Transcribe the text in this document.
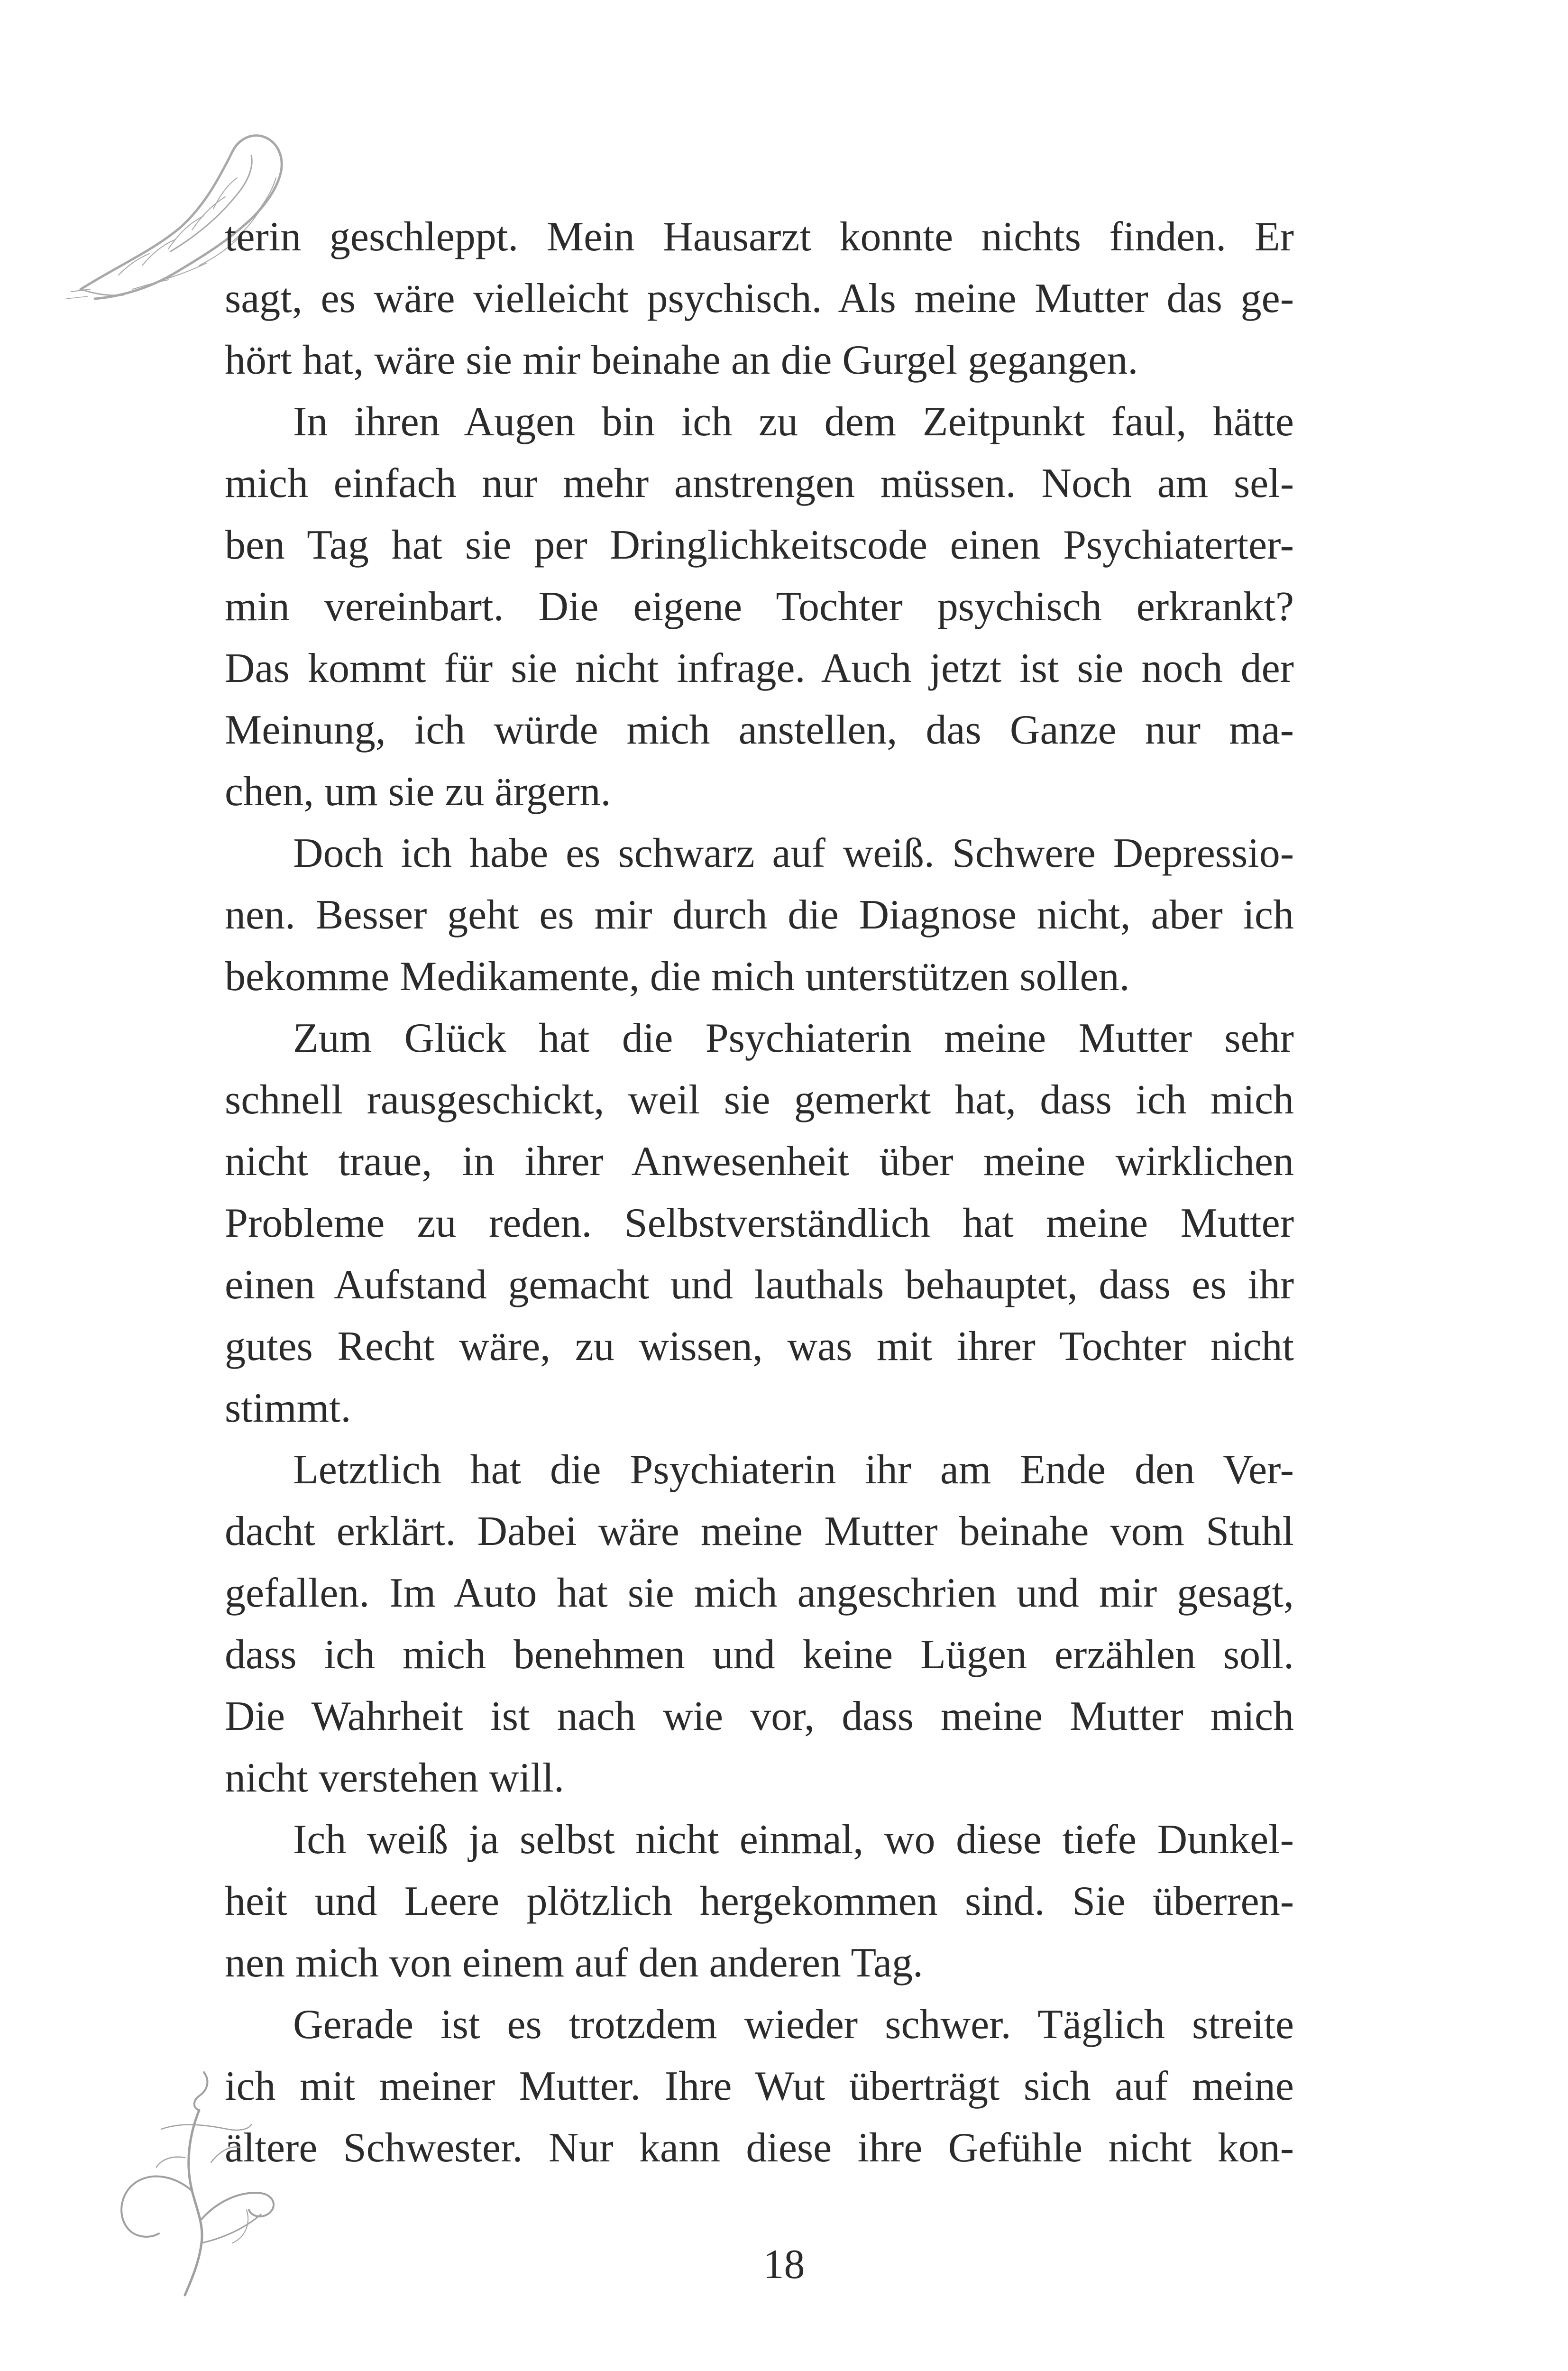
terin geschleppt. Mein Hausarzt konnte nichts finden. Er
sagt, es wäre vielleicht psychisch. Als meine Mutter das ge-
hört hat, wäre sie mir beinahe an die Gurgel gegangen.
In ihren Augen bin ich zu dem Zeitpunkt faul, hätte
mich einfach nur mehr anstrengen müssen. Noch am sel-
ben Tag hat sie per Dringlichkeitscode einen Psychiaterter-
min vereinbart. Die eigene Tochter psychisch erkrankt?
Das kommt für sie nicht infrage. Auch jetzt ist sie noch der
Meinung, ich würde mich anstellen, das Ganze nur ma-
chen, um sie zu ärgern.
Doch ich habe es schwarz auf weiß. Schwere Depressio-
nen. Besser geht es mir durch die Diagnose nicht, aber ich
bekomme Medikamente, die mich unterstützen sollen.
Zum Glück hat die Psychiaterin meine Mutter sehr
schnell rausgeschickt, weil sie gemerkt hat, dass ich mich
nicht traue, in ihrer Anwesenheit über meine wirklichen
Probleme zu reden. Selbstverständlich hat meine Mutter
einen Aufstand gemacht und lauthals behauptet, dass es ihr
gutes Recht wäre, zu wissen, was mit ihrer Tochter nicht
stimmt.
Letztlich hat die Psychiaterin ihr am Ende den Ver-
dacht erklärt. Dabei wäre meine Mutter beinahe vom Stuhl
gefallen. Im Auto hat sie mich angeschrien und mir gesagt,
dass ich mich benehmen und keine Lügen erzählen soll.
Die Wahrheit ist nach wie vor, dass meine Mutter mich
nicht verstehen will.
Ich weiß ja selbst nicht einmal, wo diese tiefe Dunkel-
heit und Leere plötzlich hergekommen sind. Sie überren-
nen mich von einem auf den anderen Tag.
Gerade ist es trotzdem wieder schwer. Täglich streite
ich mit meiner Mutter. Ihre Wut überträgt sich auf meine
ältere Schwester. Nur kann diese ihre Gefühle nicht kon-
18
